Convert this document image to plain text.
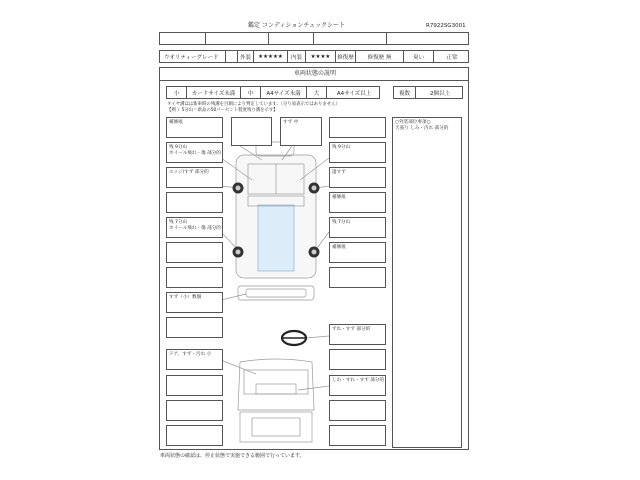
鑑定 コンディションチェックシート	R7922SG3001
ウオリティーグレード	外装	★★★★★	内装	★★★★	修復歴	修復歴 無	臭い	正常
車両状態の説明
小	カードサイズ未満	中	A4サイズ未満	大	A4サイズ以上	複数	2個以上
タイヤ溝はは新車時の残溝を目測により判定しています。（分り易表示ではありません）
【例 ）5分山＝新品の50パーセント程度残り溝を示す】
○外装部位事項○
天張り しみ・汚れ 部分的
すず 中
補修痕
残 9分山
ホイール飛れ・傷 部分的
エッジ/すず 部分的
残 7分山
ホイール飛れ・傷 部分的
すず（小）数個
ドア、すず・汚れ 小
残 9分山
凄すず
補修痕
残 7分山
補修痕
ずれ・すず 部分的
しわ・すれ・すず 部分的
車両状態の確認は、停止状態で実施できる範囲で行っています。
